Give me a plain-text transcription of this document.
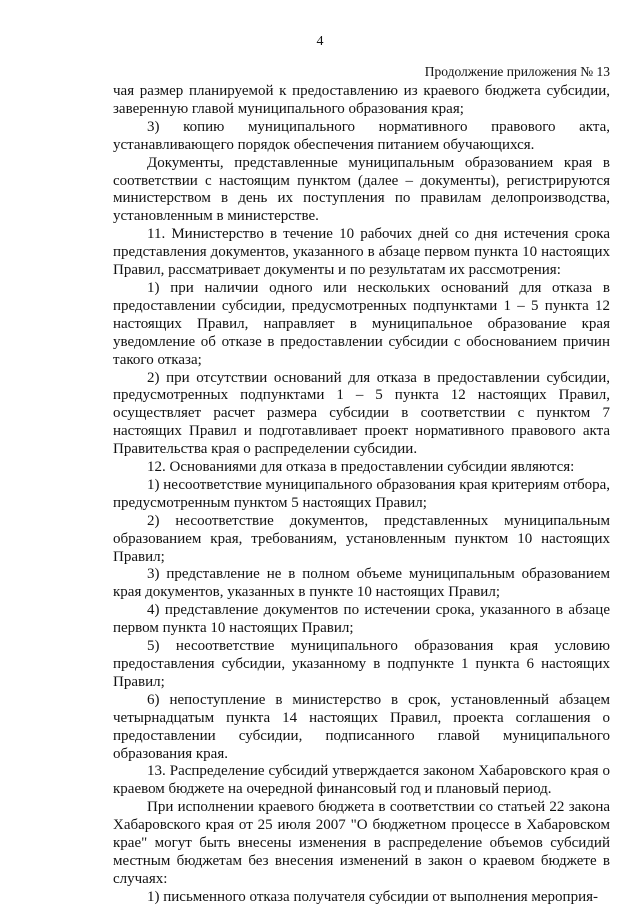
4
Продолжение приложения № 13

чая размер планируемой к предоставлению из краевого бюджета субсидии, заверенную главой муниципального образования края;

3) копию муниципального нормативного правового акта, устанавливающего порядок обеспечения питанием обучающихся.

Документы, представленные муниципальным образованием края в соответствии с настоящим пунктом (далее – документы), регистрируются министерством в день их поступления по правилам делопроизводства, установленным в министерстве.

11. Министерство в течение 10 рабочих дней со дня истечения срока представления документов, указанного в абзаце первом пункта 10 настоящих Правил, рассматривает документы и по результатам их рассмотрения:

1) при наличии одного или нескольких оснований для отказа в предоставлении субсидии, предусмотренных подпунктами 1 – 5 пункта 12 настоящих Правил, направляет в муниципальное образование края уведомление об отказе в предоставлении субсидии с обоснованием причин такого отказа;

2) при отсутствии оснований для отказа в предоставлении субсидии, предусмотренных подпунктами 1 – 5 пункта 12 настоящих Правил, осуществляет расчет размера субсидии в соответствии с пунктом 7 настоящих Правил и подготавливает проект нормативного правового акта Правительства края о распределении субсидии.

12. Основаниями для отказа в предоставлении субсидии являются:

1) несоответствие муниципального образования края критериям отбора, предусмотренным пунктом 5 настоящих Правил;

2) несоответствие документов, представленных муниципальным образованием края, требованиям, установленным пунктом 10 настоящих Правил;

3) представление не в полном объеме муниципальным образованием края документов, указанных в пункте 10 настоящих Правил;

4) представление документов по истечении срока, указанного в абзаце первом пункта 10 настоящих Правил;

5) несоответствие муниципального образования края условию предоставления субсидии, указанному в подпункте 1 пункта 6 настоящих Правил;

6) непоступление в министерство в срок, установленный абзацем четырнадцатым пункта 14 настоящих Правил, проекта соглашения о предоставлении субсидии, подписанного главой муниципального образования края.

13. Распределение субсидий утверждается законом Хабаровского края о краевом бюджете на очередной финансовый год и плановый период.

При исполнении краевого бюджета в соответствии со статьей 22 закона Хабаровского края от 25 июля 2007 "О бюджетном процессе в Хабаровском крае" могут быть внесены изменения в распределение объемов субсидий местным бюджетам без внесения изменений в закон о краевом бюджете в случаях:

1) письменного отказа получателя субсидии от выполнения мероприя-
